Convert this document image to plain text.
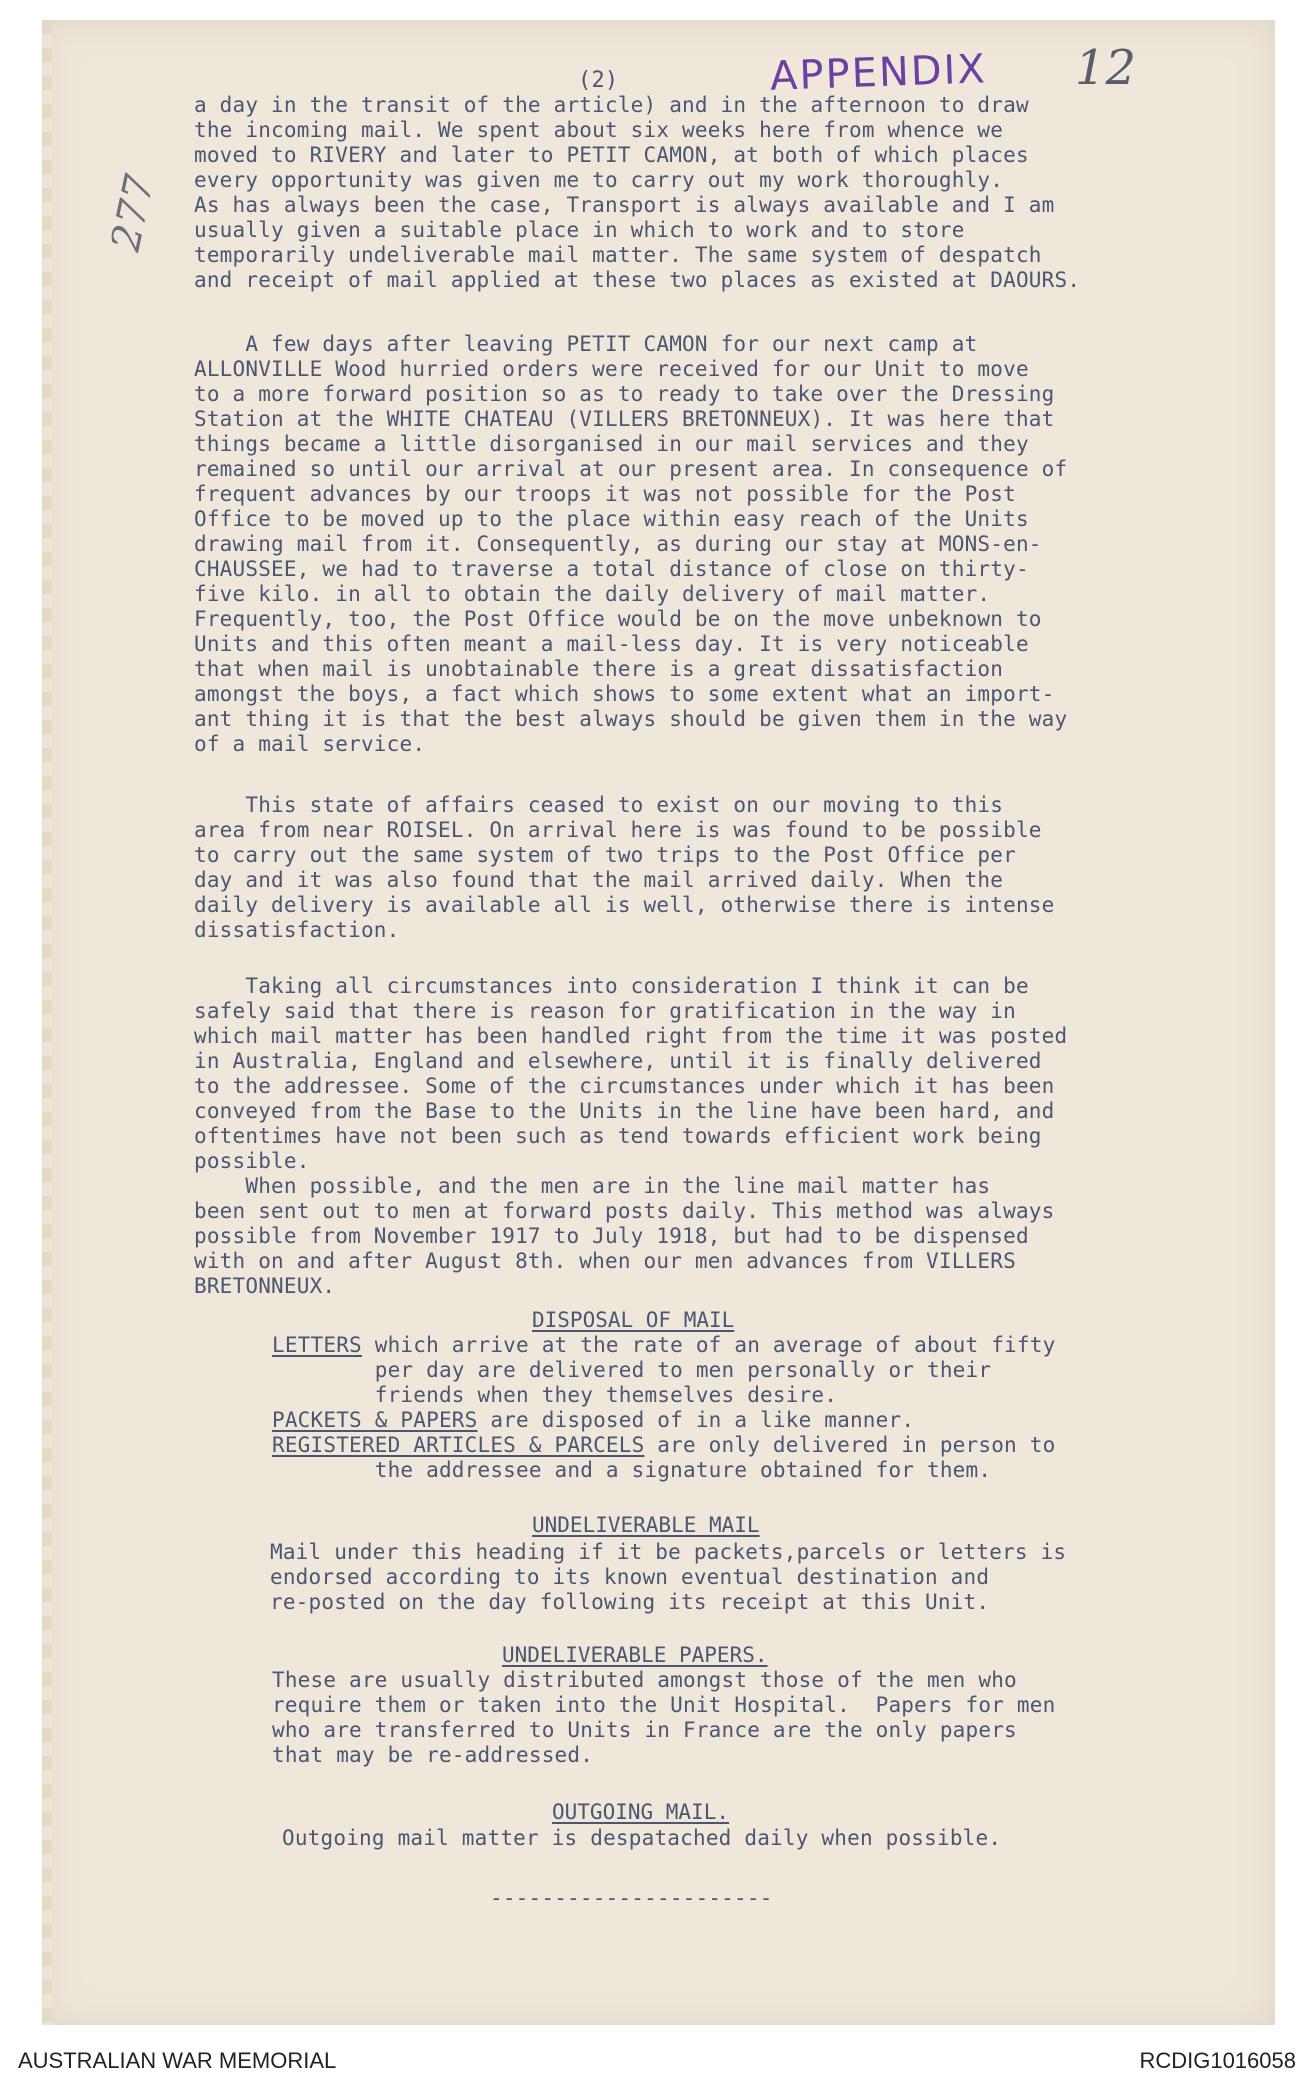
(2)	APPENDIX 12
277
a day in the transit of the article) and in the afternoon to draw
the incoming mail. We spent about six weeks here from whence we
moved to RIVERY and later to PETIT CAMON, at both of which places
every opportunity was given me to carry out my work thoroughly.
As has always been the case, Transport is always available and I am
usually given a suitable place in which to work and to store
temporarily undeliverable mail matter. The same system of despatch
and receipt of mail applied at these two places as existed at DAOURS.
A few days after leaving PETIT CAMON for our next camp at
ALLONVILLE Wood hurried orders were received for our Unit to move
to a more forward position so as to ready to take over the Dressing
Station at the WHITE CHATEAU (VILLERS BRETONNEUX). It was here that
things became a little disorganised in our mail services and they
remained so until our arrival at our present area. In consequence of
frequent advances by our troops it was not possible for the Post
Office to be moved up to the place within easy reach of the Units
drawing mail from it. Consequently, as during our stay at MONS-en-
CHAUSSEE, we had to traverse a total distance of close on thirty-
five kilo. in all to obtain the daily delivery of mail matter.
Frequently, too, the Post Office would be on the move unbeknown to
Units and this often meant a mail-less day. It is very noticeable
that when mail is unobtainable there is a great dissatisfaction
amongst the boys, a fact which shows to some extent what an import-
ant thing it is that the best always should be given them in the way
of a mail service.
This state of affairs ceased to exist on our moving to this
area from near ROISEL. On arrival here is was found to be possible
to carry out the same system of two trips to the Post Office per
day and it was also found that the mail arrived daily. When the
daily delivery is available all is well, otherwise there is intense
dissatisfaction.
Taking all circumstances into consideration I think it can be
safely said that there is reason for gratification in the way in
which mail matter has been handled right from the time it was posted
in Australia, England and elsewhere, until it is finally delivered
to the addressee. Some of the circumstances under which it has been
conveyed from the Base to the Units in the line have been hard, and
oftentimes have not been such as tend towards efficient work being
possible.
When possible, and the men are in the line mail matter has
been sent out to men at forward posts daily. This method was always
possible from November 1917 to July 1918, but had to be dispensed
with on and after August 8th. when our men advances from VILLERS
BRETONNEUX.
DISPOSAL OF MAIL
LETTERS which arrive at the rate of an average of about fifty
per day are delivered to men personally or their
friends when they themselves desire.
PACKETS & PAPERS are disposed of in a like manner.
REGISTERED ARTICLES & PARCELS are only delivered in person to
the addressee and a signature obtained for them.
UNDELIVERABLE MAIL
Mail under this heading if it be packets,parcels or letters is
endorsed according to its known eventual destination and
re-posted on the day following its receipt at this Unit.
UNDELIVERABLE PAPERS.
These are usually distributed amongst those of the men who
require them or taken into the Unit Hospital.  Papers for men
who are transferred to Units in France are the only papers
that may be re-addressed.
OUTGOING MAIL.
Outgoing mail matter is despatached daily when possible.
----------------------
AUSTRALIAN WAR MEMORIAL	RCDIG1016058
